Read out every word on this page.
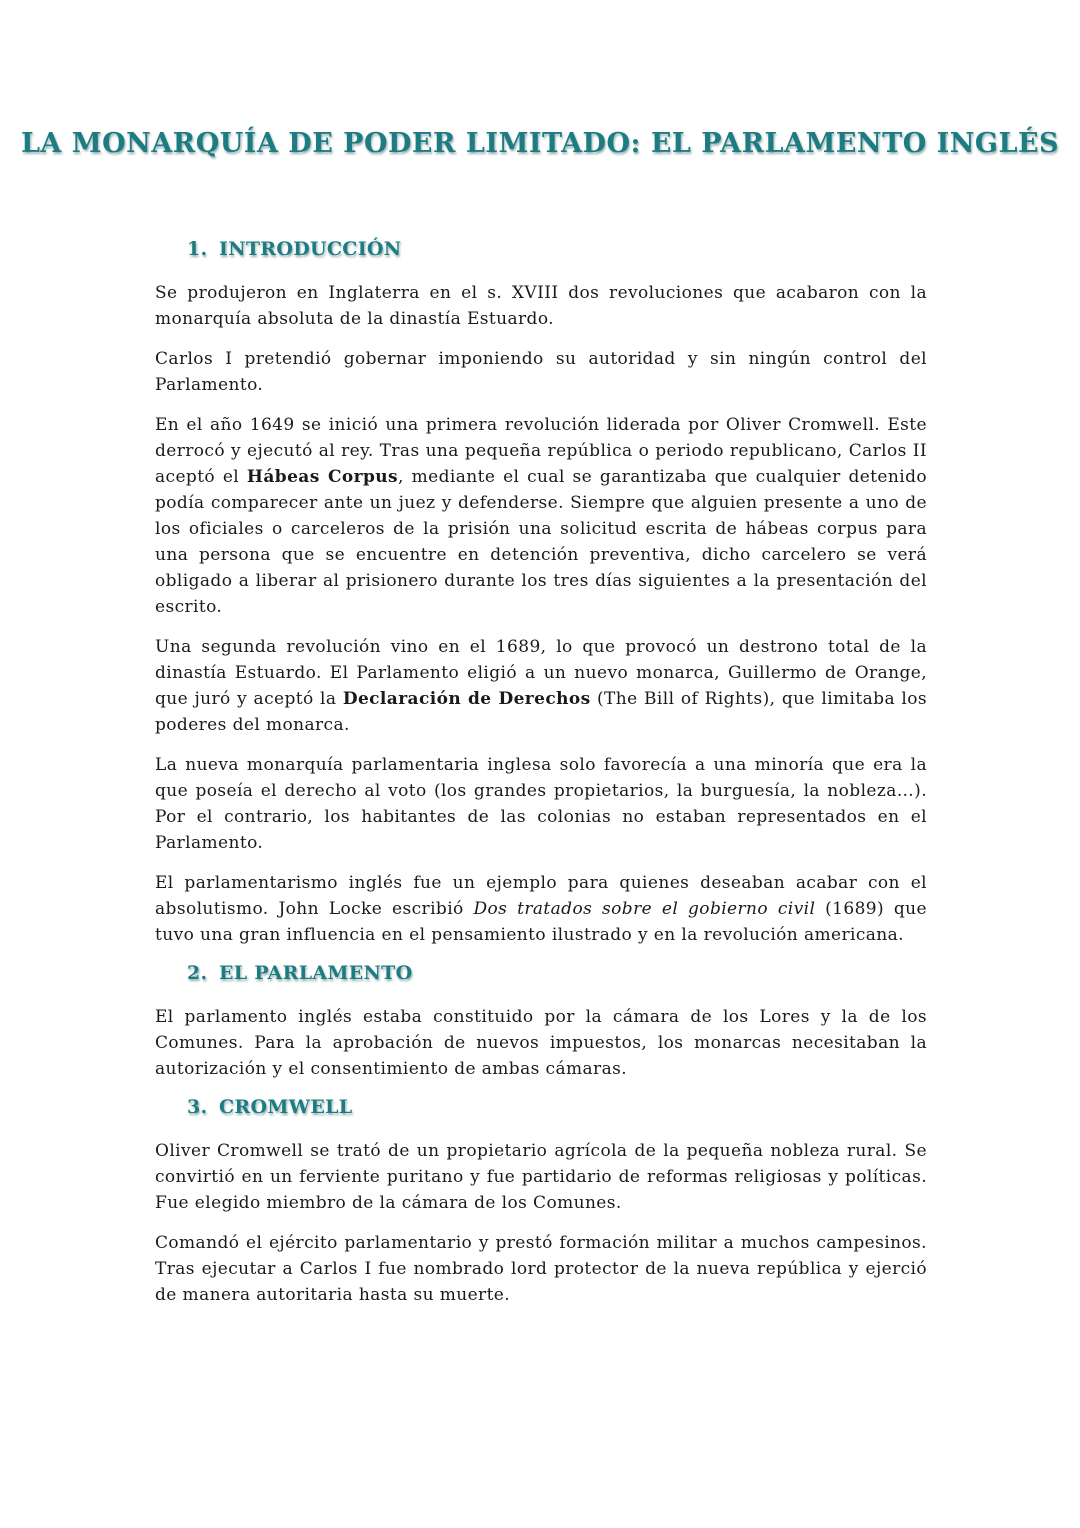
LA MONARQUÍA DE PODER LIMITADO: EL PARLAMENTO INGLÉS
1. INTRODUCCIÓN

Se produjeron en Inglaterra en el s. XVIII dos revoluciones que acabaron con la monarquía absoluta de la dinastía Estuardo.

Carlos I pretendió gobernar imponiendo su autoridad y sin ningún control del Parlamento.

En el año 1649 se inició una primera revolución liderada por Oliver Cromwell. Este derrocó y ejecutó al rey. Tras una pequeña república o periodo republicano, Carlos II aceptó el Hábeas Corpus, mediante el cual se garantizaba que cualquier detenido podía comparecer ante un juez y defenderse. Siempre que alguien presente a uno de los oficiales o carceleros de la prisión una solicitud escrita de hábeas corpus para una persona que se encuentre en detención preventiva, dicho carcelero se verá obligado a liberar al prisionero durante los tres días siguientes a la presentación del escrito.

Una segunda revolución vino en el 1689, lo que provocó un destrono total de la dinastía Estuardo. El Parlamento eligió a un nuevo monarca, Guillermo de Orange, que juró y aceptó la Declaración de Derechos (The Bill of Rights), que limitaba los poderes del monarca.

La nueva monarquía parlamentaria inglesa solo favorecía a una minoría que era la que poseía el derecho al voto (los grandes propietarios, la burguesía, la nobleza…). Por el contrario, los habitantes de las colonias no estaban representados en el Parlamento.

El parlamentarismo inglés fue un ejemplo para quienes deseaban acabar con el absolutismo. John Locke escribió Dos tratados sobre el gobierno civil (1689) que tuvo una gran influencia en el pensamiento ilustrado y en la revolución americana.

2. EL PARLAMENTO

El parlamento inglés estaba constituido por la cámara de los Lores y la de los Comunes. Para la aprobación de nuevos impuestos, los monarcas necesitaban la autorización y el consentimiento de ambas cámaras.

3. CROMWELL

Oliver Cromwell se trató de un propietario agrícola de la pequeña nobleza rural. Se convirtió en un ferviente puritano y fue partidario de reformas religiosas y políticas. Fue elegido miembro de la cámara de los Comunes.

Comandó el ejército parlamentario y prestó formación militar a muchos campesinos. Tras ejecutar a Carlos I fue nombrado lord protector de la nueva república y ejerció de manera autoritaria hasta su muerte.
